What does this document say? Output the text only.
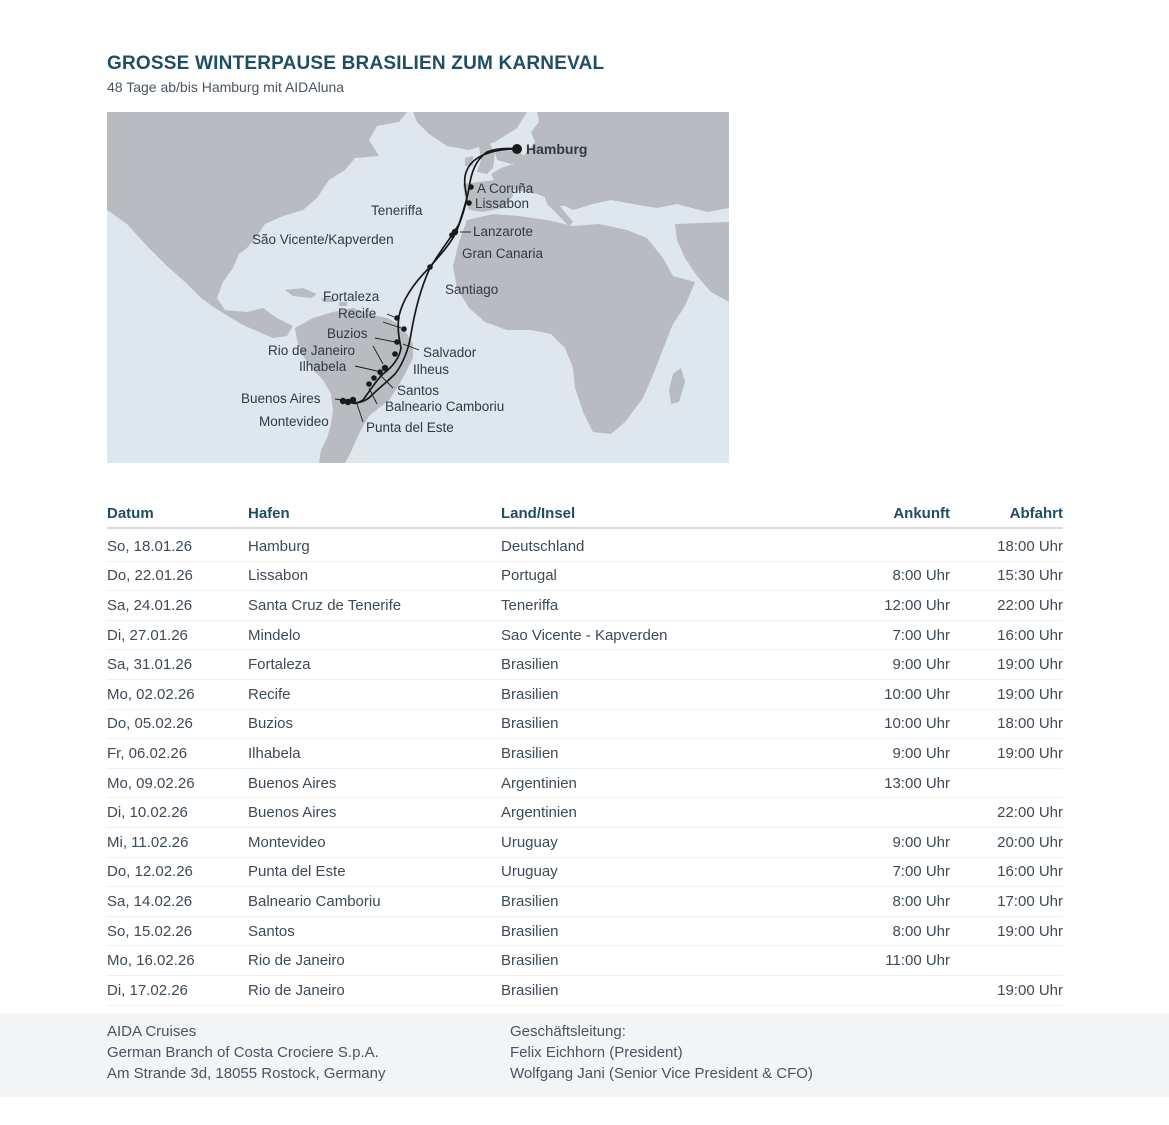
GROSSE WINTERPAUSE BRASILIEN ZUM KARNEVAL

48 Tage ab/bis Hamburg mit AIDAluna

Hamburg
A Coruña
Lissabon
Teneriffa
Lanzarote
São Vicente/Kapverden
Gran Canaria
Santiago
Fortaleza
Recife
Buzios
Rio de Janeiro	Salvador
Ilhabela	Ilheus
Santos
Buenos Aires
Balneario Camboriu
Montevideo	Punta del Este
Datum	Hafen	Land/Insel	Ankunft	Abfahrt
So, 18.01.26	Hamburg	Deutschland		18:00 Uhr
Do, 22.01.26	Lissabon	Portugal	8:00 Uhr	15:30 Uhr
Sa, 24.01.26	Santa Cruz de Tenerife	Teneriffa	12:00 Uhr	22:00 Uhr
Di, 27.01.26	Mindelo	Sao Vicente - Kapverden	7:00 Uhr	16:00 Uhr
Sa, 31.01.26	Fortaleza	Brasilien	9:00 Uhr	19:00 Uhr
Mo, 02.02.26	Recife	Brasilien	10:00 Uhr	19:00 Uhr
Do, 05.02.26	Buzios	Brasilien	10:00 Uhr	18:00 Uhr
Fr, 06.02.26	Ilhabela	Brasilien	9:00 Uhr	19:00 Uhr
Mo, 09.02.26	Buenos Aires	Argentinien	13:00 Uhr	
Di, 10.02.26	Buenos Aires	Argentinien		22:00 Uhr
Mi, 11.02.26	Montevideo	Uruguay	9:00 Uhr	20:00 Uhr
Do, 12.02.26	Punta del Este	Uruguay	7:00 Uhr	16:00 Uhr
Sa, 14.02.26	Balneario Camboriu	Brasilien	8:00 Uhr	17:00 Uhr
So, 15.02.26	Santos	Brasilien	8:00 Uhr	19:00 Uhr
Mo, 16.02.26	Rio de Janeiro	Brasilien	11:00 Uhr	
Di, 17.02.26	Rio de Janeiro	Brasilien		19:00 Uhr
AIDA Cruises
German Branch of Costa Crociere S.p.A.
Am Strande 3d, 18055 Rostock, Germany
Geschäftsleitung:
Felix Eichhorn (President)
Wolfgang Jani (Senior Vice President & CFO)
